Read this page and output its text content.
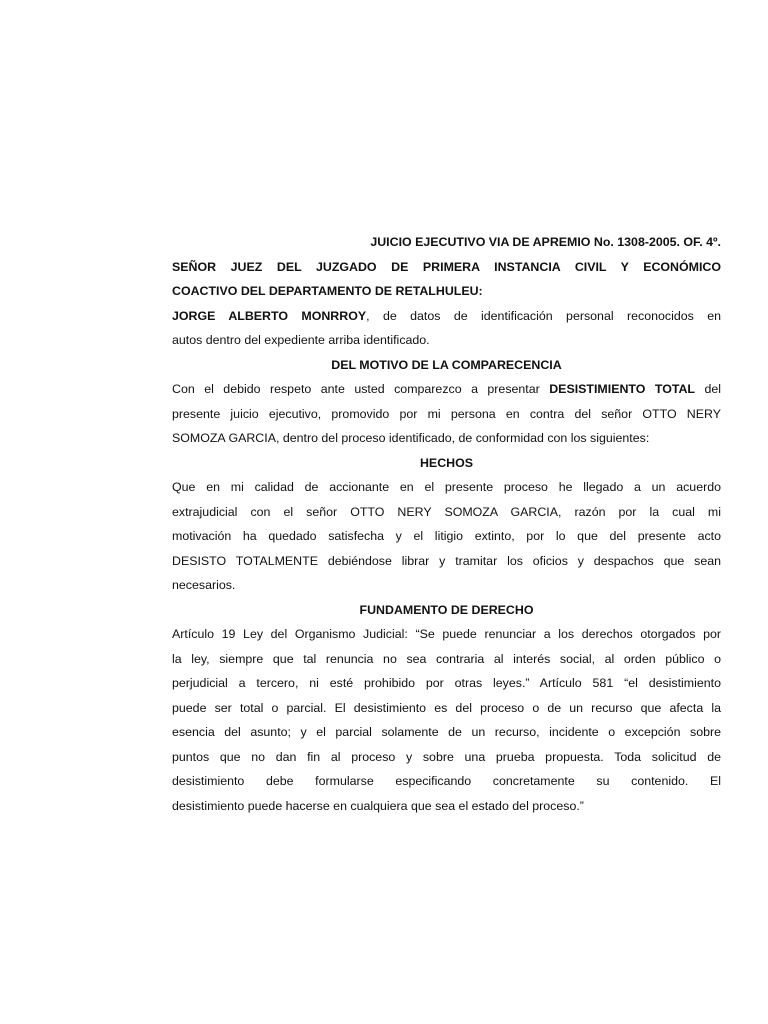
JUICIO EJECUTIVO VIA DE APREMIO No. 1308-2005. OF. 4º.

SEÑOR JUEZ DEL JUZGADO DE PRIMERA INSTANCIA CIVIL Y ECONÓMICO
COACTIVO DEL DEPARTAMENTO DE RETALHULEU:

JORGE ALBERTO MONRROY, de datos de identificación personal reconocidos en
autos dentro del expediente arriba identificado.

DEL MOTIVO DE LA COMPARECENCIA

Con el debido respeto ante usted comparezco a presentar DESISTIMIENTO TOTAL del
presente juicio ejecutivo, promovido por mi persona en contra del señor OTTO NERY
SOMOZA GARCIA, dentro del proceso identificado, de conformidad con los siguientes:

HECHOS

Que en mi calidad de accionante en el presente proceso he llegado a un acuerdo
extrajudicial con el señor OTTO NERY SOMOZA GARCIA, razón por la cual mi
motivación ha quedado satisfecha y el litigio extinto, por lo que del presente acto
DESISTO TOTALMENTE debiéndose librar y tramitar los oficios y despachos que sean
necesarios.

FUNDAMENTO DE DERECHO

Artículo 19 Ley del Organismo Judicial: “Se puede renunciar a los derechos otorgados por
la ley, siempre que tal renuncia no sea contraria al interés social, al orden público o
perjudicial a tercero, ni esté prohibido por otras leyes.” Artículo 581 “el desistimiento
puede ser total o parcial. El desistimiento es del proceso o de un recurso que afecta la
esencia del asunto; y el parcial solamente de un recurso, incidente o excepción sobre
puntos que no dan fin al proceso y sobre una prueba propuesta. Toda solicitud de
desistimiento debe formularse especificando concretamente su contenido. El
desistimiento puede hacerse en cualquiera que sea el estado del proceso.”
